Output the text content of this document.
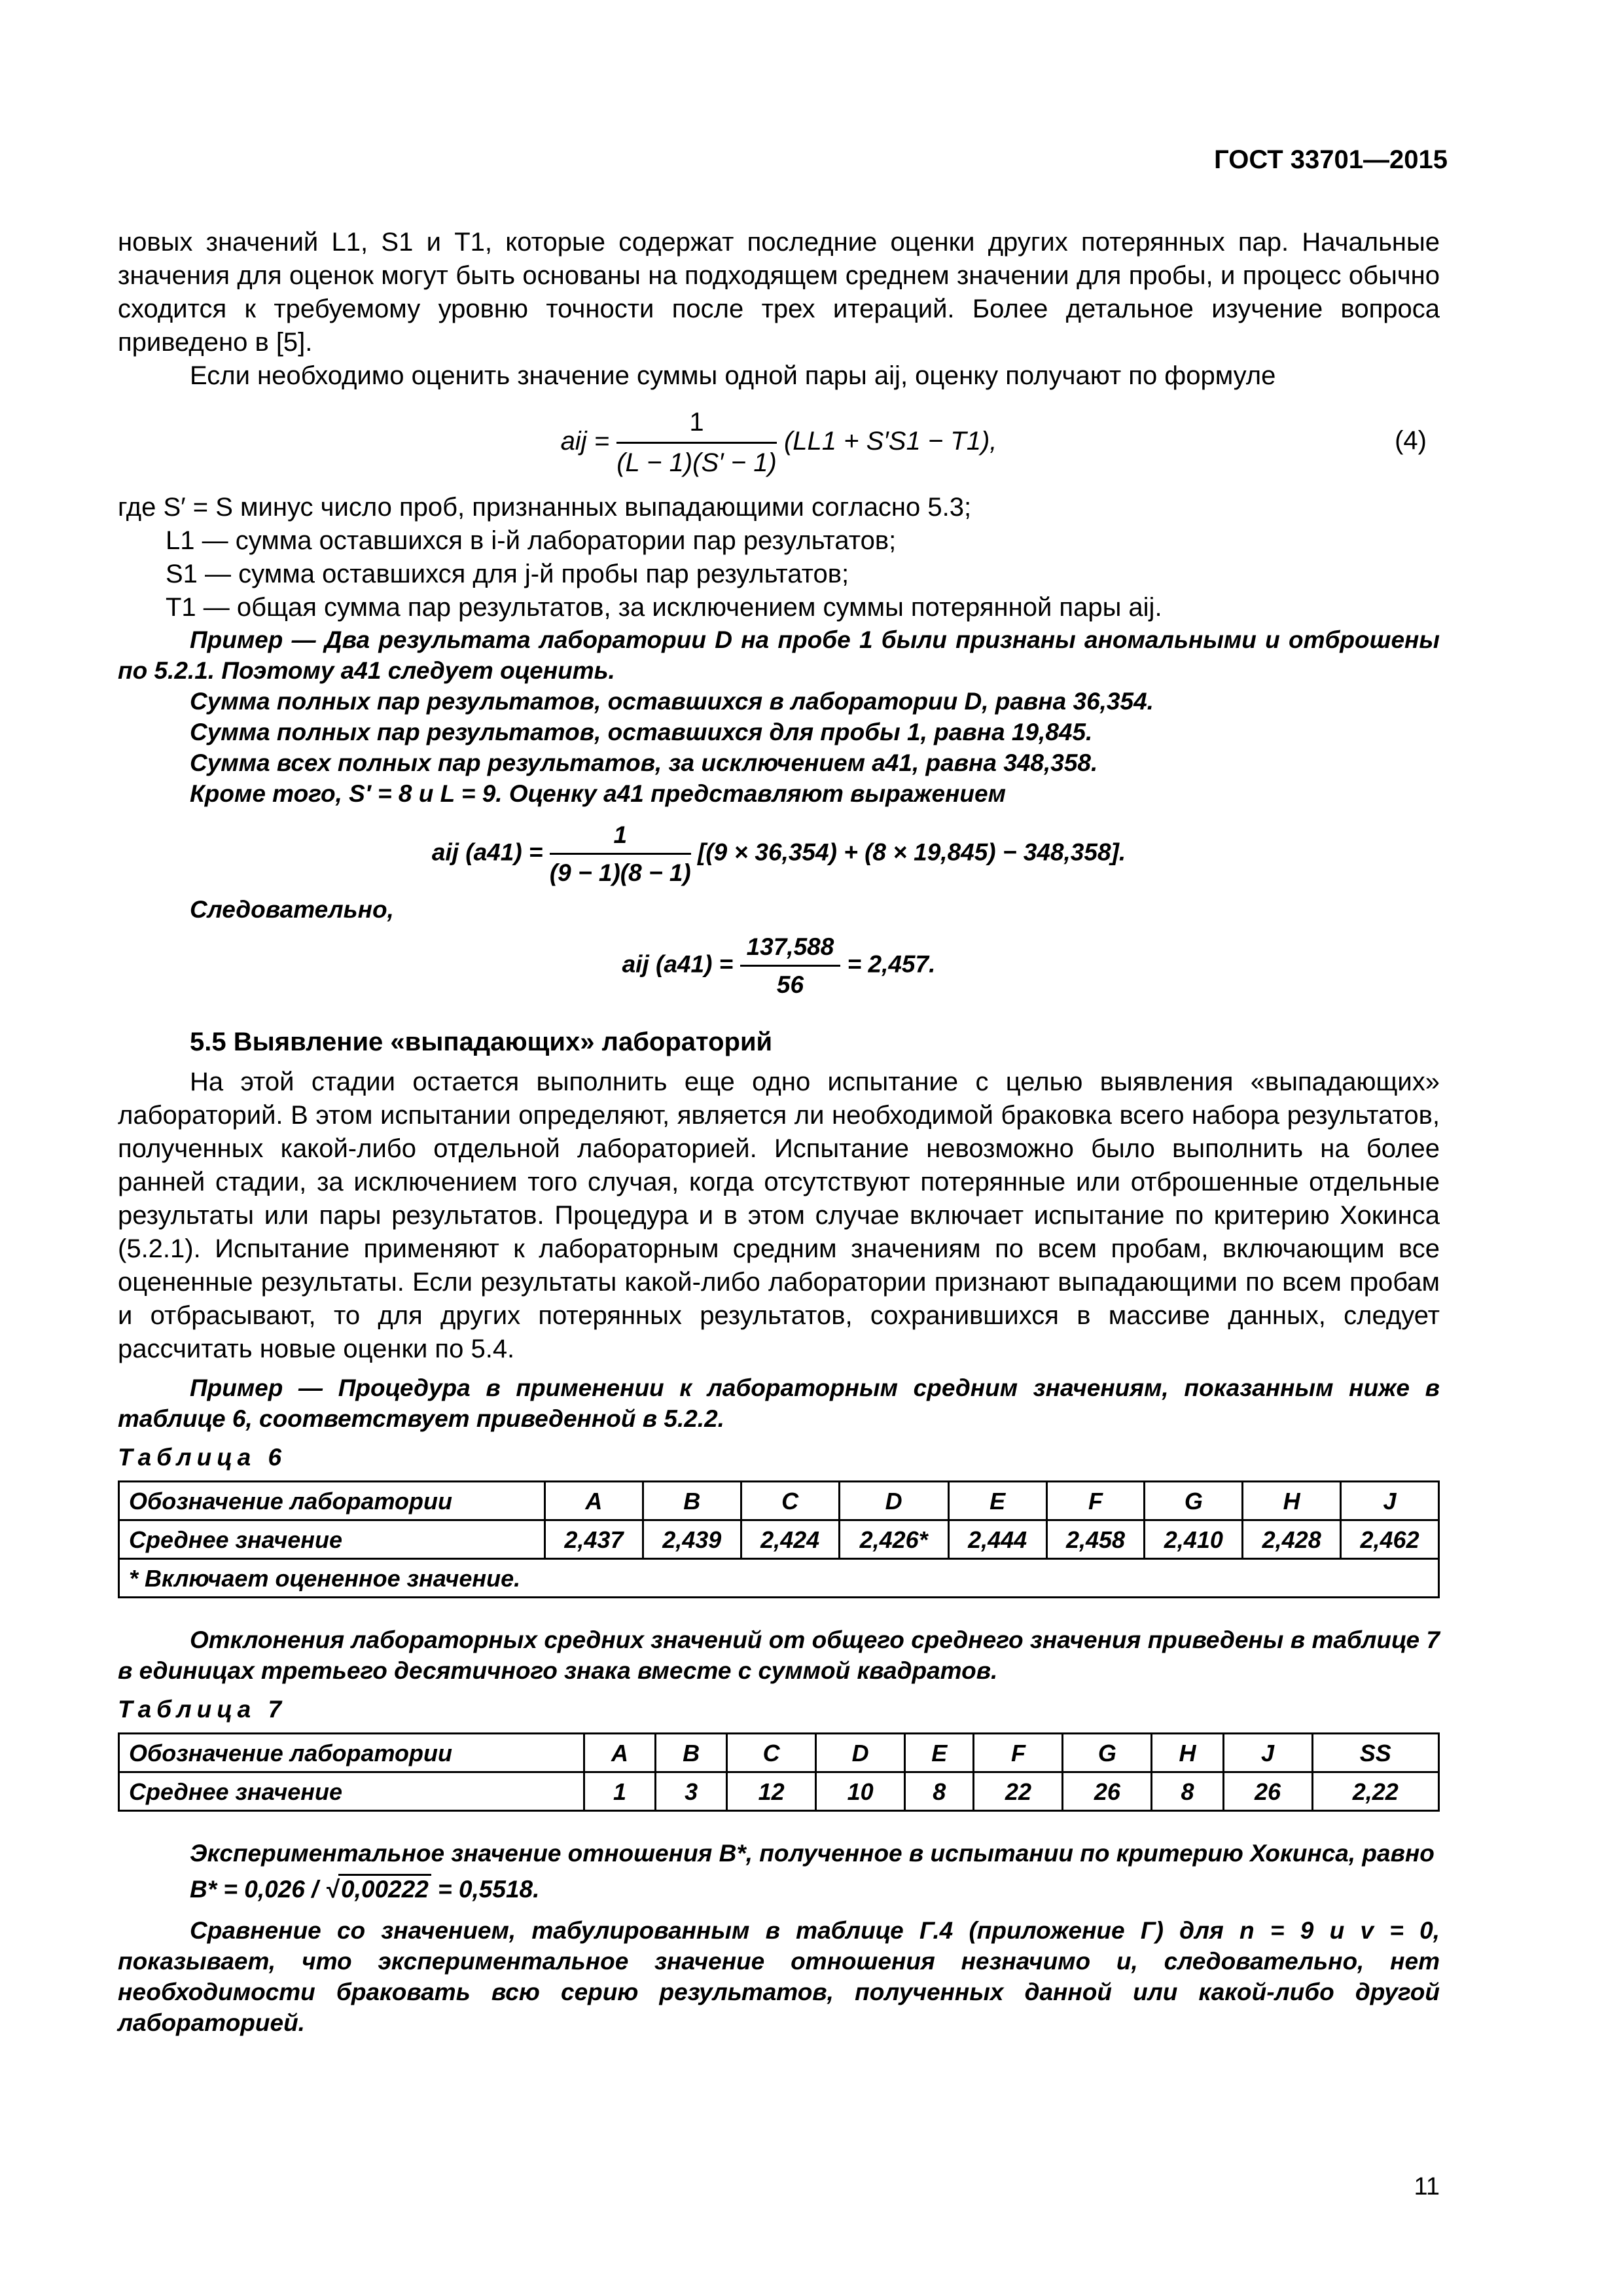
ГОСТ 33701—2015

новых значений L1, S1 и T1, которые содержат последние оценки других потерянных пар. Начальные значения для оценок могут быть основаны на подходящем среднем значении для пробы, и процесс обычно сходится к требуемому уровню точности после трех итераций. Более детальное изучение вопроса приведено в [5].

Если необходимо оценить значение суммы одной пары aij, оценку получают по формуле

aij = $\frac{1}{(L - 1)(S' - 1)} (LL1 + S'S1 - T1)$,	(4)

где S′ = S минус число проб, признанных выпадающими согласно 5.3;

L1 — сумма оставшихся в i-й лаборатории пар результатов;

S1 — сумма оставшихся для j-й пробы пар результатов;

T1 — общая сумма пар результатов, за исключением суммы потерянной пары aij.

Пример — Два результата лаборатории D на пробе 1 были признаны аномальными и отброшены по 5.2.1. Поэтому a41 следует оценить.

Сумма полных пар результатов, оставшихся в лаборатории D, равна 36,354.

Сумма полных пар результатов, оставшихся для пробы 1, равна 19,845.

Сумма всех полных пар результатов, за исключением a41, равна 348,358.

Кроме того, S′ = 8 и L = 9. Оценку a41 представляют выражением

aij $(a41) = \frac{1}{(9 - 1)(8 - 1)} [(9 \times 36,354) + (8 \times 19,845) - 348,358]$.

Следовательно,

aij $(a41) = \frac{137,588}{56} = 2,457$.
5.5 Выявление «выпадающих» лабораторий

На этой стадии остается выполнить еще одно испытание с целью выявления «выпадающих» лабораторий. В этом испытании определяют, является ли необходимой браковка всего набора результатов, полученных какой-либо отдельной лабораторией. Испытание невозможно было выполнить на более ранней стадии, за исключением того случая, когда отсутствуют потерянные или отброшенные отдельные результаты или пары результатов. Процедура и в этом случае включает испытание по критерию Хокинса (5.2.1). Испытание применяют к лабораторным средним значениям по всем пробам, включающим все оцененные результаты. Если результаты какой-либо лаборатории признают выпадающими по всем пробам и отбрасывают, то для других потерянных результатов, сохранившихся в массиве данных, следует рассчитать новые оценки по 5.4.

Пример — Процедура в применении к лабораторным средним значениям, показанным ниже в таблице 6, соответствует приведенной в 5.2.2.

Таблица 6
Обозначение лаборатории	A	B	C	D	E	F	G	H	J
Среднее значение	2,437	2,439	2,424	2,426*	2,444	2,458	2,410	2,428	2,462
* Включает оцененное значение.									

Отклонения лабораторных средних значений от общего среднего значения приведены в таблице 7 в единицах третьего десятичного знака вместе с суммой квадратов.

Таблица 7
Обозначение лаборатории	A	B	C	D	E	F	G	H	J	SS
Среднее значение	1	3	12	10	8	22	26	8	26	2,22

Экспериментальное значение отношения B*, полученное в испытании по критерию Хокинса, равно

B* = 0,026 / √ 0,00222 = 0,5518.

Сравнение со значением, табулированным в таблице Г.4 (приложение Г) для n = 9 и v = 0, показывает, что экспериментальное значение отношения незначимо и, следовательно, нет необходимости браковать всю серию результатов, полученных данной или какой-либо другой лабораторией.

11
